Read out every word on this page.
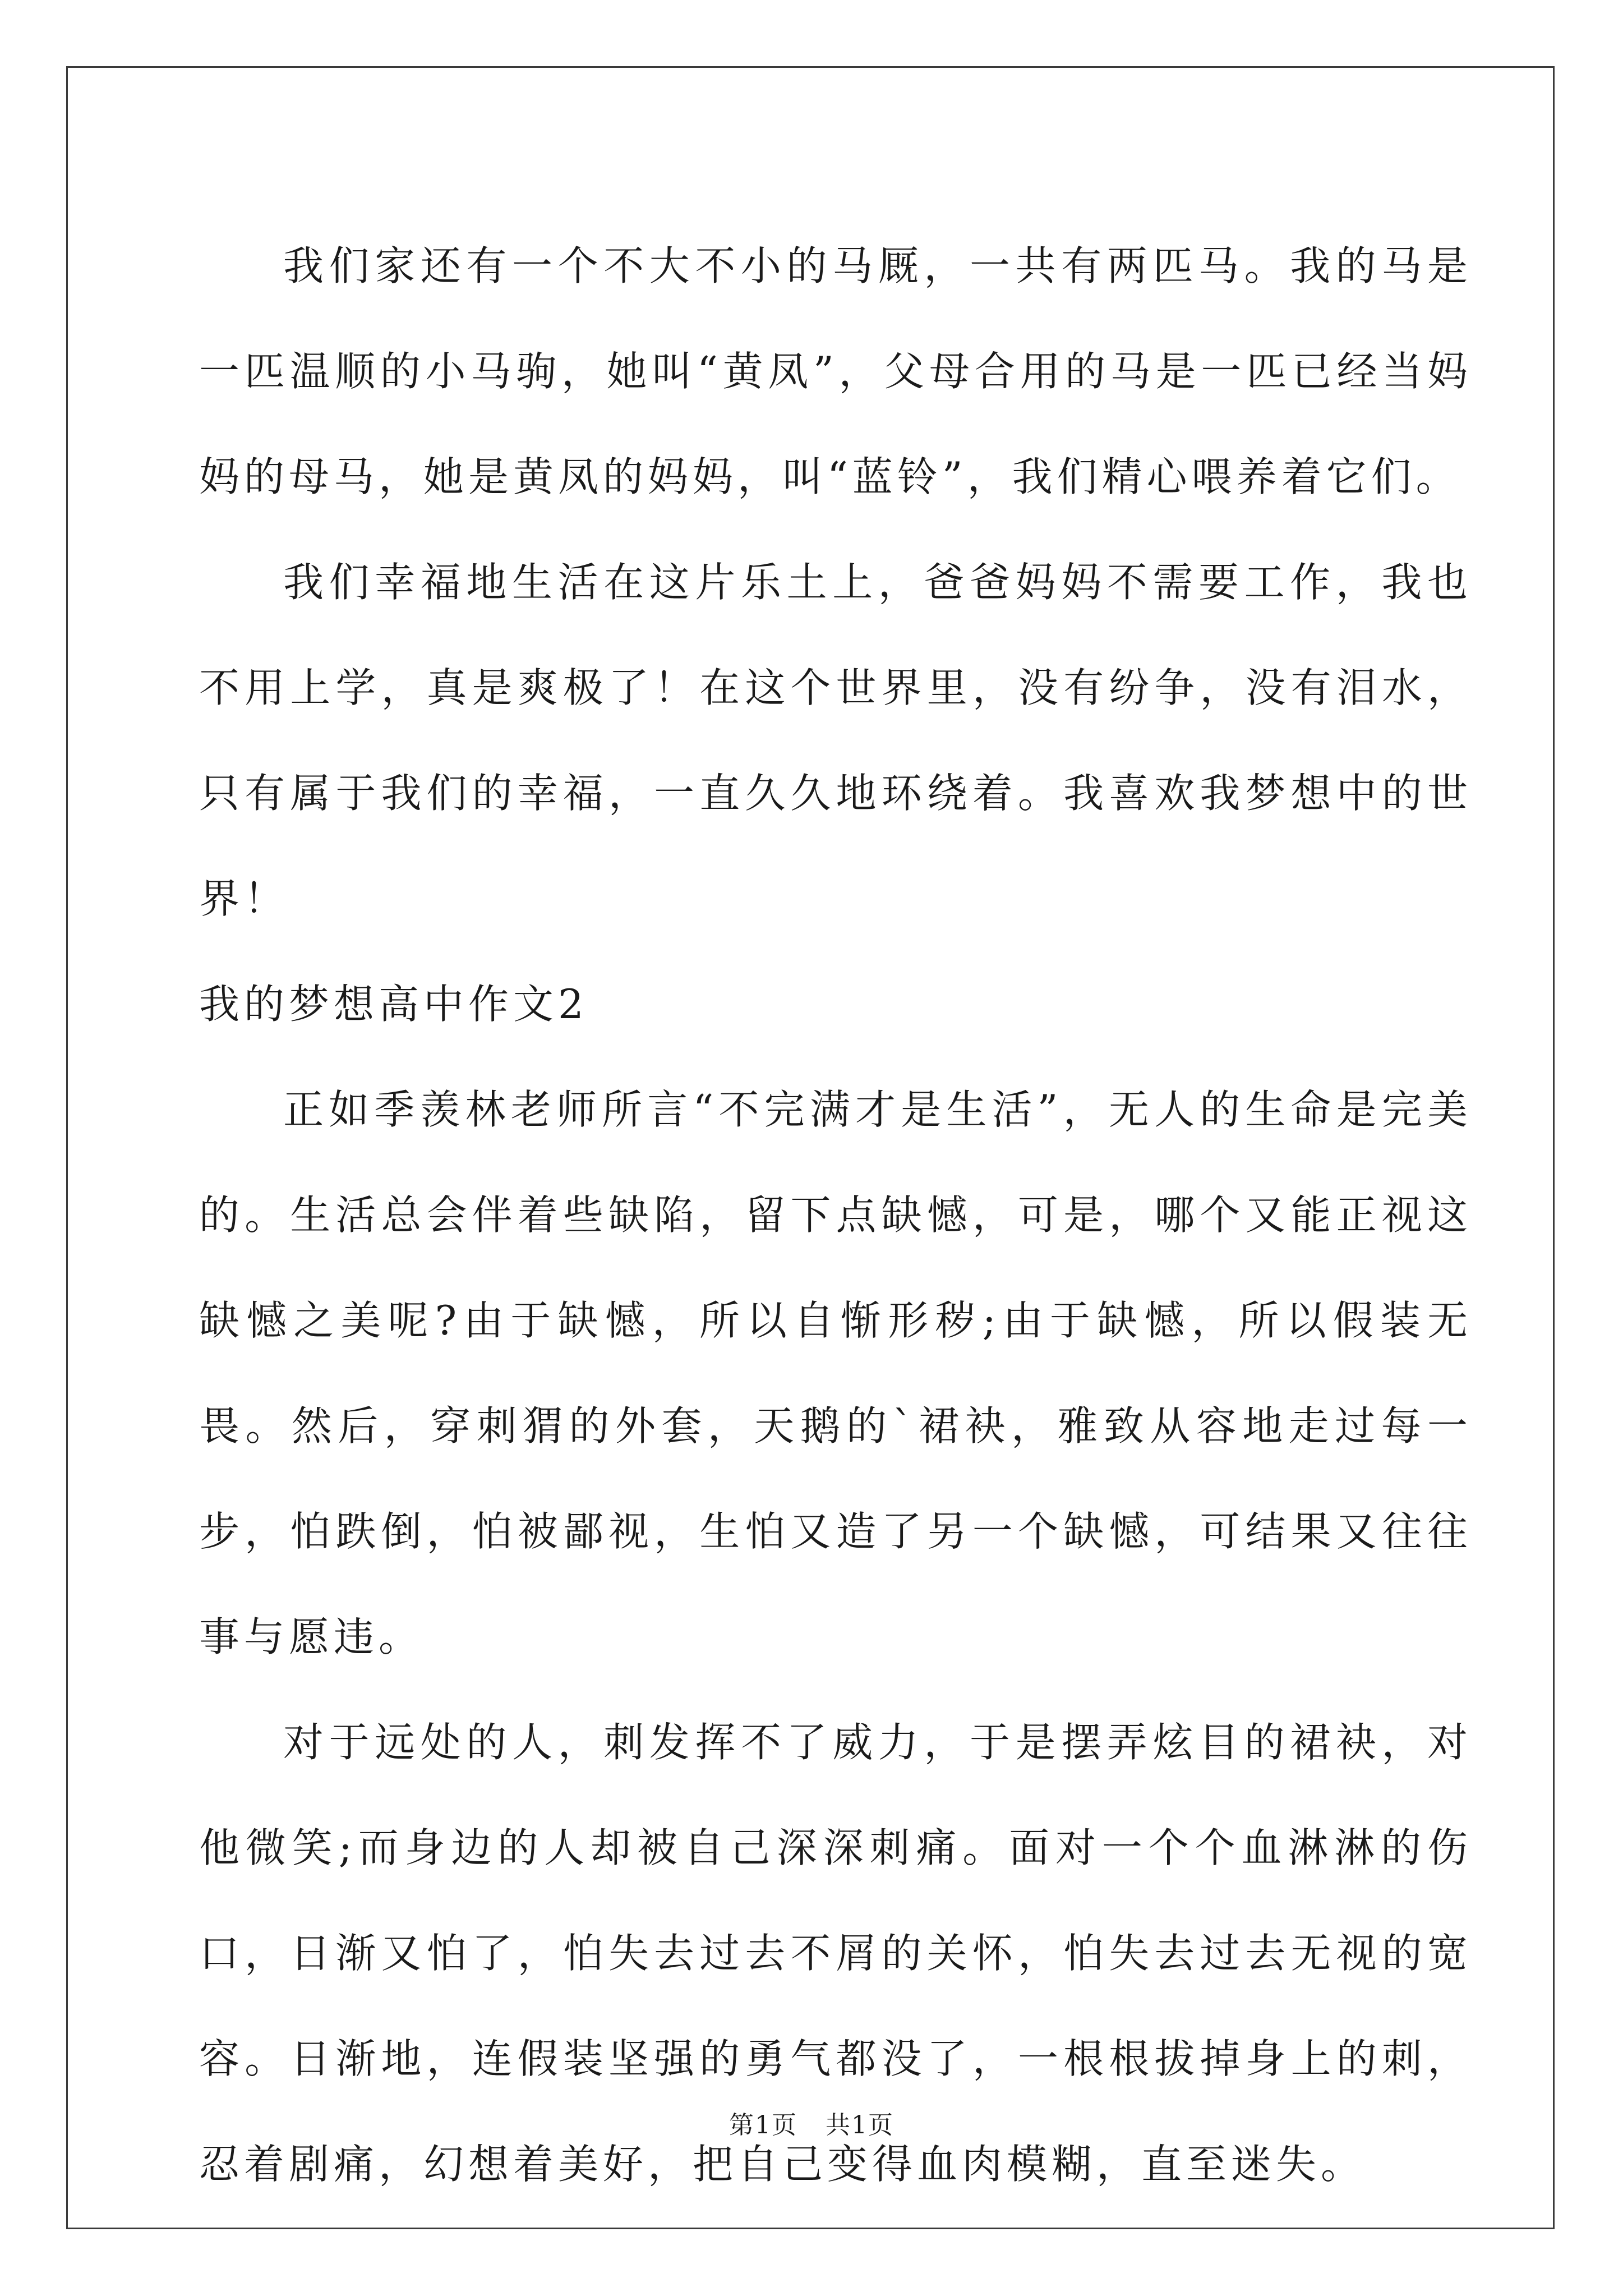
我们家还有一个不大不小的马厩，一共有两匹马。我的马是一匹温顺的小马驹，她叫“黄凤”，父母合用的马是一匹已经当妈妈的母马，她是黄凤的妈妈，叫“蓝铃”，我们精心喂养着它们。

我们幸福地生活在这片乐土上，爸爸妈妈不需要工作，我也不用上学，真是爽极了！在这个世界里，没有纷争，没有泪水，只有属于我们的幸福，一直久久地环绕着。我喜欢我梦想中的世界！

我的梦想高中作文2

正如季羡林老师所言“不完满才是生活”，无人的生命是完美的。生活总会伴着些缺陷，留下点缺憾，可是，哪个又能正视这缺憾之美呢?由于缺憾，所以自惭形秽;由于缺憾，所以假装无畏。然后，穿刺猬的外套，天鹅的`裙袂，雅致从容地走过每一步，怕跌倒，怕被鄙视，生怕又造了另一个缺憾，可结果又往往事与愿违。

对于远处的人，刺发挥不了威力，于是摆弄炫目的裙袂，对他微笑;而身边的人却被自己深深刺痛。面对一个个血淋淋的伤口，日渐又怕了，怕失去过去不屑的关怀，怕失去过去无视的宽容。日渐地，连假装坚强的勇气都没了，一根根拔掉身上的刺，忍着剧痛，幻想着美好，把自己变得血肉模糊，直至迷失。

第1页 共1页
